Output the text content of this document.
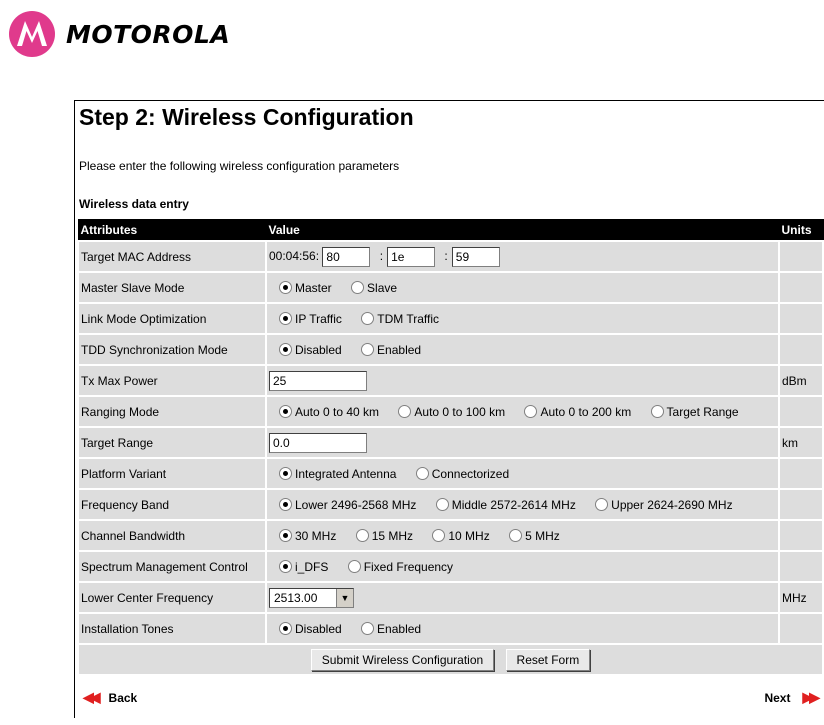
MOTOROLA
Step 2: Wireless Configuration
Please enter the following wireless configuration parameters
Wireless data entry
Attributes	Value	Units
Target MAC Address	00:04:56: 80 :1e :59	
Master Slave Mode	Master Slave	
Link Mode Optimization	IP Traffic TDM Traffic	
TDD Synchronization Mode	Disabled Enabled	
Tx Max Power	25	dBm
Ranging Mode	Auto 0 to 40 km Auto 0 to 100 km Auto 0 to 200 km Target Range	
Target Range	0.0	km
Platform Variant	Integrated Antenna Connectorized	
Frequency Band	Lower 2496-2568 MHz Middle 2572-2614 MHz Upper 2624-2690 MHz	
Channel Bandwidth	30 MHz 15 MHz 10 MHz 5 MHz	
Spectrum Management Control	i_DFS Fixed Frequency	
Lower Center Frequency	2513.00 ▼	MHz
Installation Tones	Disabled Enabled	
Submit Wireless Configuration Reset Form		
◀◀ Back	Next ▶▶
